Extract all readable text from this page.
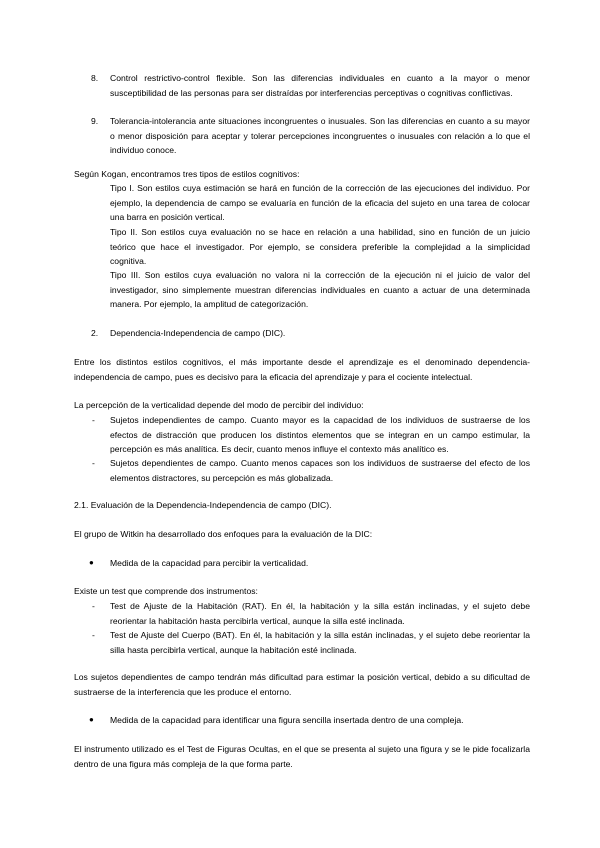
8. Control restrictivo-control flexible. Son las diferencias individuales en cuanto a la mayor o menor susceptibilidad de las personas para ser distraídas por interferencias perceptivas o cognitivas conflictivas.
9. Tolerancia-intolerancia ante situaciones incongruentes o inusuales. Son las diferencias en cuanto a su mayor o menor disposición para aceptar y tolerar percepciones incongruentes o inusuales con relación a lo que el individuo conoce.
Según Kogan, encontramos tres tipos de estilos cognitivos:
Tipo I. Son estilos cuya estimación se hará en función de la corrección de las ejecuciones del individuo. Por ejemplo, la dependencia de campo se evaluaría en función de la eficacia del sujeto en una tarea de colocar una barra en posición vertical.
Tipo II. Son estilos cuya evaluación no se hace en relación a una habilidad, sino en función de un juicio teórico que hace el investigador. Por ejemplo, se considera preferible la complejidad a la simplicidad cognitiva.
Tipo III. Son estilos cuya evaluación no valora ni la corrección de la ejecución ni el juicio de valor del investigador, sino simplemente muestran diferencias individuales en cuanto a actuar de una determinada manera. Por ejemplo, la amplitud de categorización.
2. Dependencia-Independencia de campo (DIC).
Entre los distintos estilos cognitivos, el más importante desde el aprendizaje es el denominado dependencia-independencia de campo, pues es decisivo para la eficacia del aprendizaje y para el cociente intelectual.
La percepción de la verticalidad depende del modo de percibir del individuo:
- Sujetos independientes de campo. Cuanto mayor es la capacidad de los individuos de sustraerse de los efectos de distracción que producen los distintos elementos que se integran en un campo estimular, la percepción es más analítica. Es decir, cuanto menos influye el contexto más analítico es.
- Sujetos dependientes de campo. Cuanto menos capaces son los individuos de sustraerse del efecto de los elementos distractores, su percepción es más globalizada.
2.1. Evaluación de la Dependencia-Independencia de campo (DIC).
El grupo de Witkin ha desarrollado dos enfoques para la evaluación de la DIC:
● Medida de la capacidad para percibir la verticalidad.
Existe un test que comprende dos instrumentos:
- Test de Ajuste de la Habitación (RAT). En él, la habitación y la silla están inclinadas, y el sujeto debe reorientar la habitación hasta percibirla vertical, aunque la silla esté inclinada.
- Test de Ajuste del Cuerpo (BAT). En él, la habitación y la silla están inclinadas, y el sujeto debe reorientar la silla hasta percibirla vertical, aunque la habitación esté inclinada.
Los sujetos dependientes de campo tendrán más dificultad para estimar la posición vertical, debido a su dificultad de sustraerse de la interferencia que les produce el entorno.
● Medida de la capacidad para identificar una figura sencilla insertada dentro de una compleja.
El instrumento utilizado es el Test de Figuras Ocultas, en el que se presenta al sujeto una figura y se le pide focalizarla dentro de una figura más compleja de la que forma parte.
